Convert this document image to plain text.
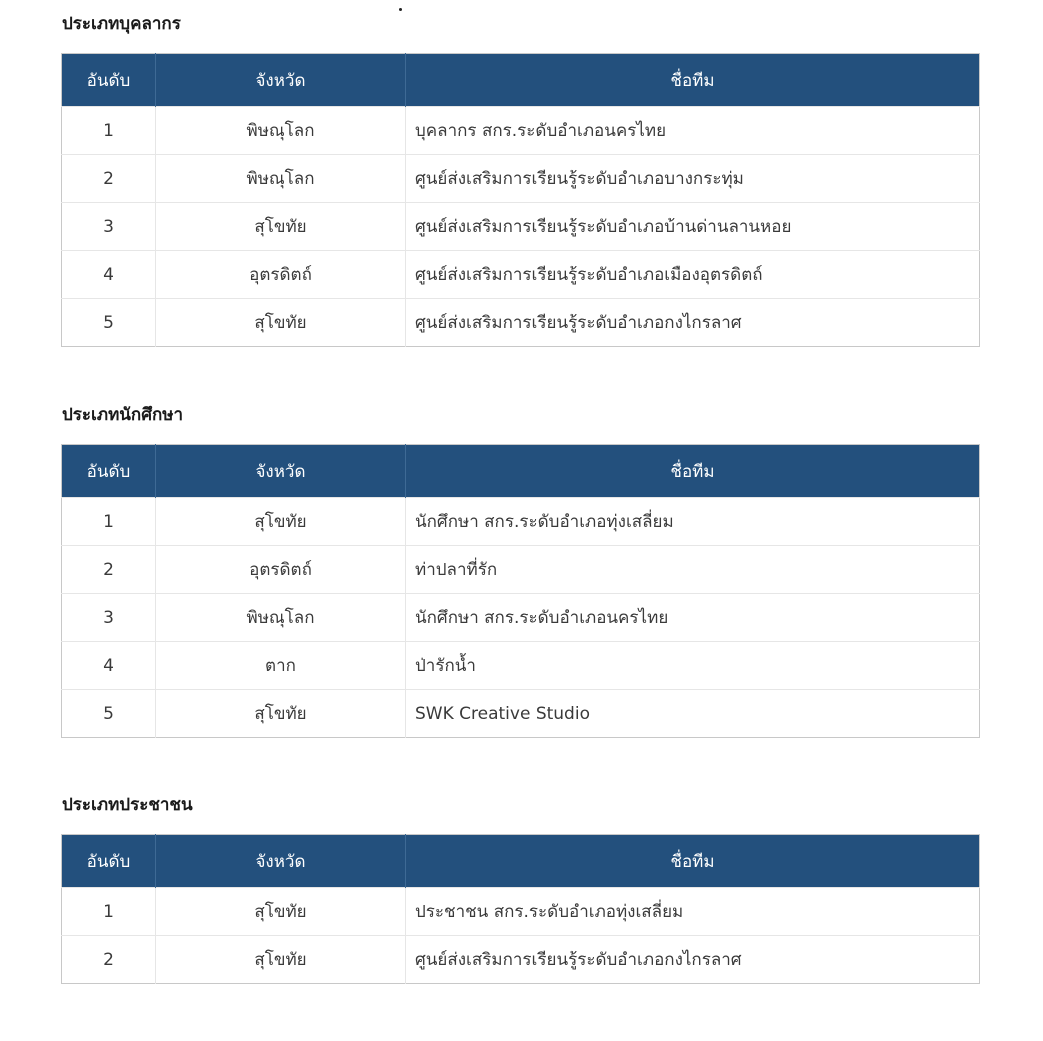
ประเภทบุคลากร
อันดับ	จังหวัด	ชื่อทีม
1	พิษณุโลก	บุคลากร สกร.ระดับอำเภอนครไทย
2	พิษณุโลก	ศูนย์ส่งเสริมการเรียนรู้ระดับอำเภอบางกระทุ่ม
3	สุโขทัย	ศูนย์ส่งเสริมการเรียนรู้ระดับอำเภอบ้านด่านลานหอย
4	อุตรดิตถ์	ศูนย์ส่งเสริมการเรียนรู้ระดับอำเภอเมืองอุตรดิตถ์
5	สุโขทัย	ศูนย์ส่งเสริมการเรียนรู้ระดับอำเภอกงไกรลาศ
ประเภทนักศึกษา
อันดับ	จังหวัด	ชื่อทีม
1	สุโขทัย	นักศึกษา สกร.ระดับอำเภอทุ่งเสลี่ยม
2	อุตรดิตถ์	ท่าปลาที่รัก
3	พิษณุโลก	นักศึกษา สกร.ระดับอำเภอนครไทย
4	ตาก	ป่ารักน้ำ
5	สุโขทัย	SWK Creative Studio
ประเภทประชาชน
อันดับ	จังหวัด	ชื่อทีม
1	สุโขทัย	ประชาชน สกร.ระดับอำเภอทุ่งเสลี่ยม
2	สุโขทัย	ศูนย์ส่งเสริมการเรียนรู้ระดับอำเภอกงไกรลาศ
